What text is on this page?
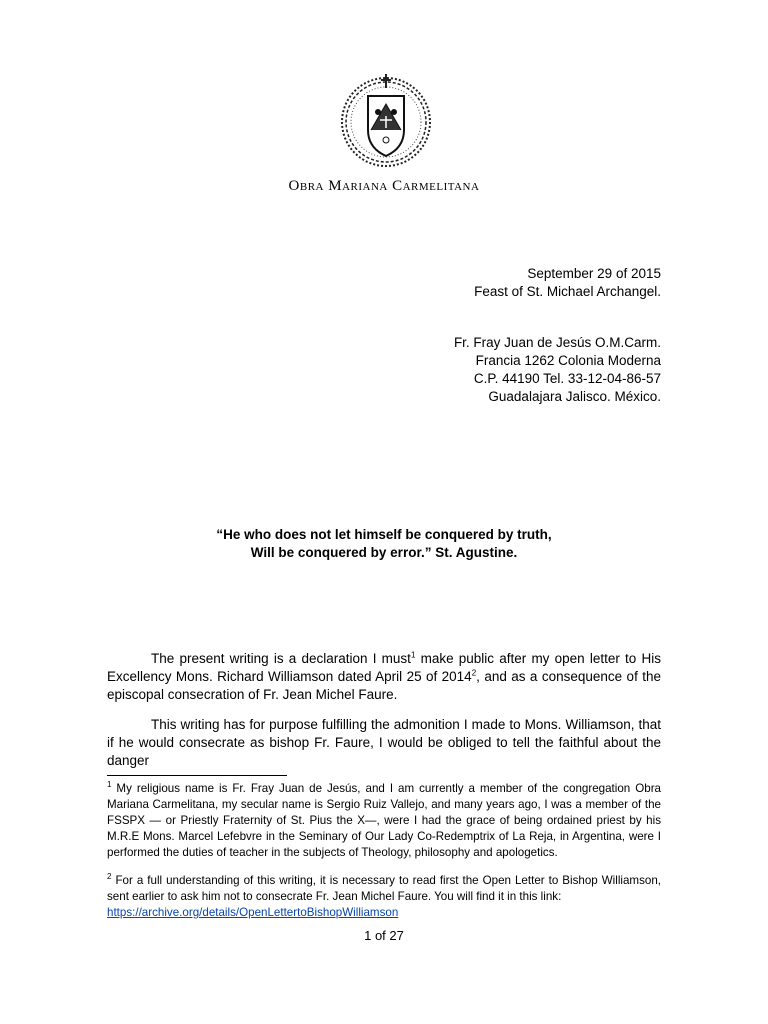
Obra Mariana Carmelitana
September 29 of 2015
Feast of St. Michael Archangel.
Fr. Fray Juan de Jesús O.M.Carm.
Francia 1262 Colonia Moderna
C.P. 44190 Tel. 33-12-04-86-57
Guadalajara Jalisco. México.
“He who does not let himself be conquered by truth,
Will be conquered by error.” St. Agustine.

The present writing is a declaration I must$^1$ make public after my open letter to His Excellency Mons. Richard Williamson dated April 25 of 2014$^2$, and as a consequence of the episcopal consecration of Fr. Jean Michel Faure.

This writing has for purpose fulfilling the admonition I made to Mons. Williamson, that if he would consecrate as bishop Fr. Faure, I would be obliged to tell the faithful about the danger

$^1$ My religious name is Fr. Fray Juan de Jesús, and I am currently a member of the congregation Obra Mariana Carmelitana, my secular name is Sergio Ruiz Vallejo, and many years ago, I was a member of the FSSPX — or Priestly Fraternity of St. Pius the X—, were I had the grace of being ordained priest by his M.R.E Mons. Marcel Lefebvre in the Seminary of Our Lady Co-Redemptrix of La Reja, in Argentina, were I performed the duties of teacher in the subjects of Theology, philosophy and apologetics.

$^2$ For a full understanding of this writing, it is necessary to read first the Open Letter to Bishop Williamson, sent earlier to ask him not to consecrate Fr. Jean Michel Faure. You will find it in this link:
https://archive.org/details/OpenLettertoBishopWilliamson

1 of 27
